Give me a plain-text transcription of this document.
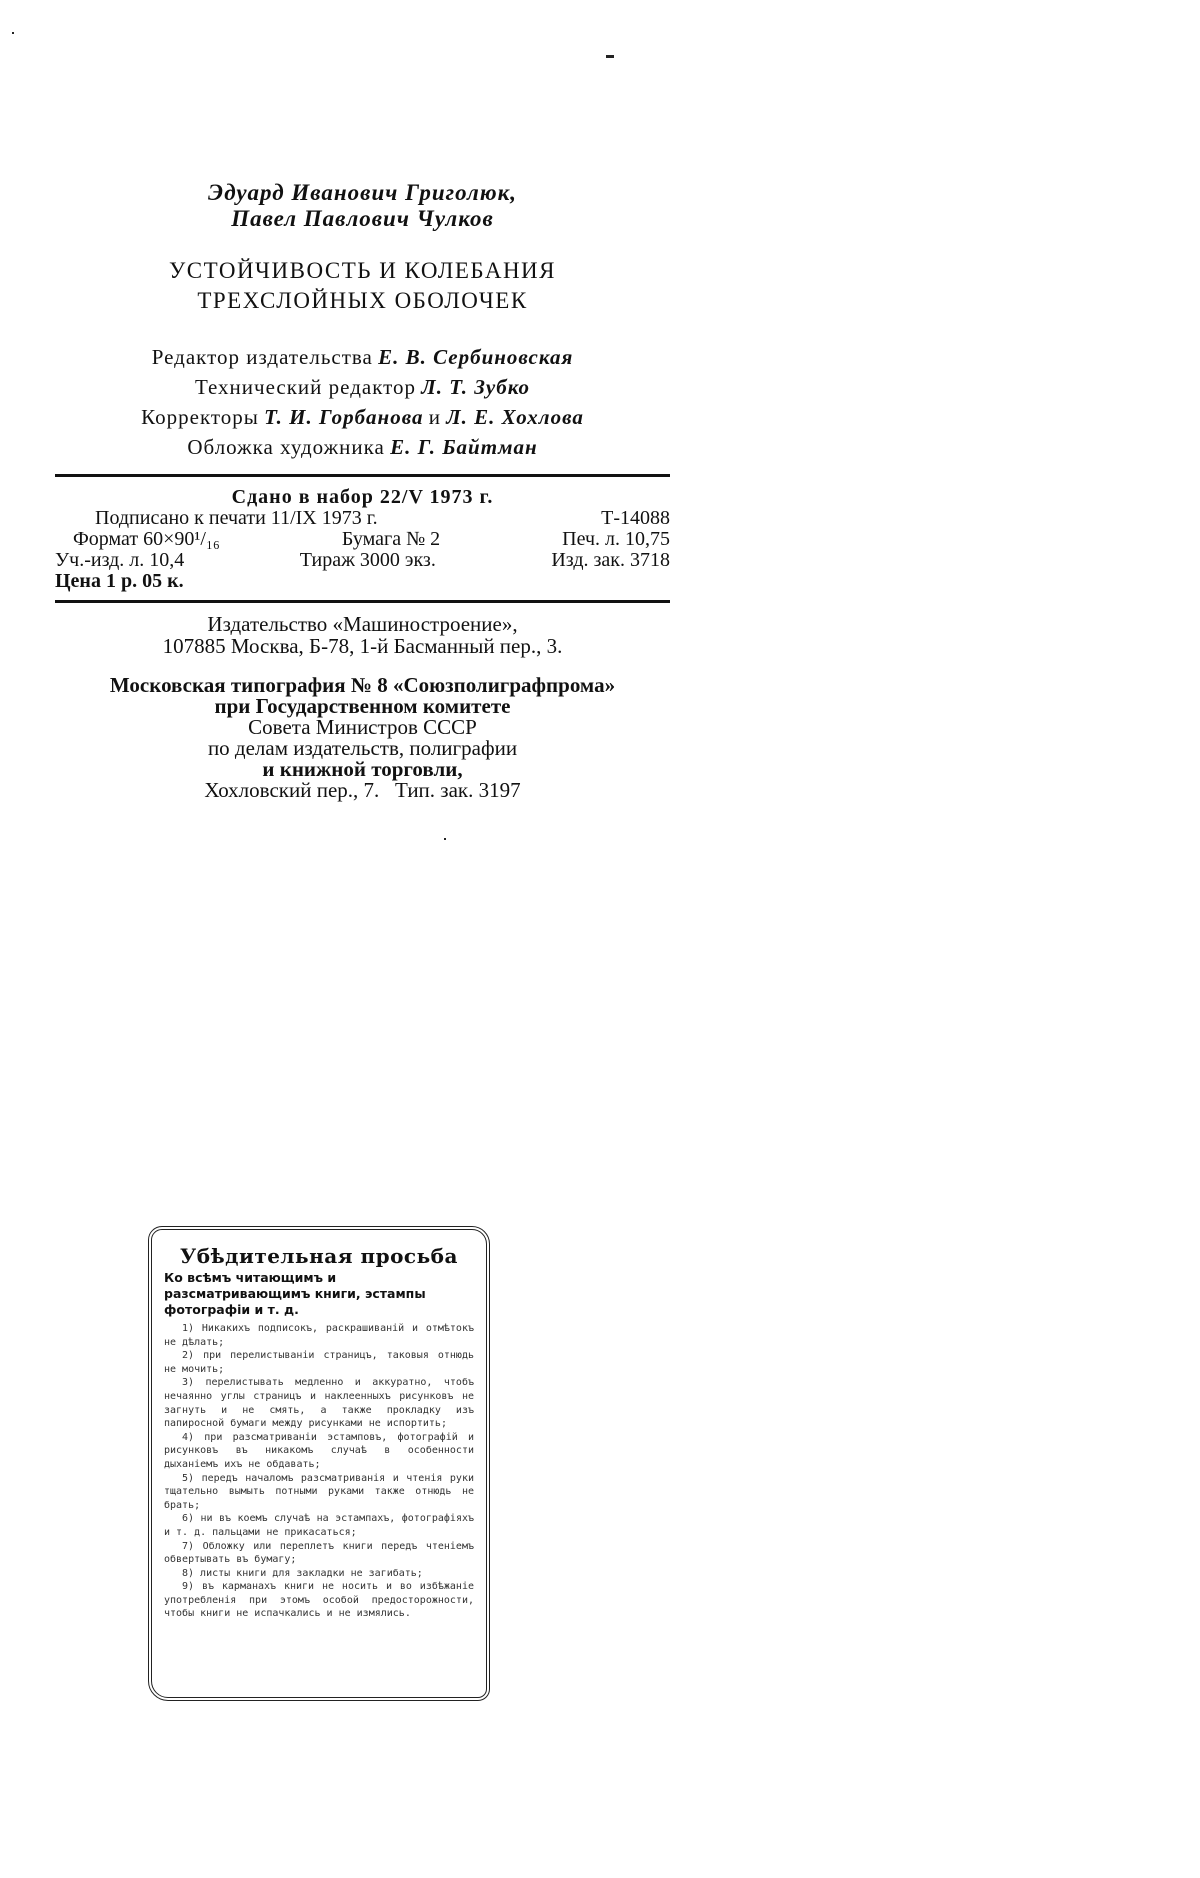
Эдуард Иванович Григолюк,
Павел Павлович Чулков
УСТОЙЧИВОСТЬ И КОЛЕБАНИЯ
ТРЕХСЛОЙНЫХ ОБОЛОЧЕК
Редактор издательства Е. В. Сербиновская
Технический редактор Л. Т. Зубко
Корректоры Т. И. Горбанова и Л. Е. Хохлова
Обложка художника Е. Г. Байтман
Сдано в набор 22/V 1973 г.
Подписано к печати 11/IX 1973 г.	Т-14088
Формат 60×90¹/₁₆	Бумага № 2	Печ. л. 10,75
Уч.-изд. л. 10,4	Тираж 3000 экз.	Изд. зак. 3718
Цена 1 р. 05 к.
Издательство «Машиностроение»,
107885 Москва, Б-78, 1-й Басманный пер., 3.
Московская типография № 8 «Союзполиграфпрома»
при Государственном комитете
Совета Министров СССР
по делам издательств, полиграфии
и книжной торговли,
Хохловский пер., 7.   Тип. зак. 3197
Убѣдительная просьба
Ко всѣмъ читающимъ и разсматривающимъ книги, эстампы фотографіи и т. д.
1) Никакихъ подписокъ, раскрашиваній и отмѣтокъ не дѣлать;
2) при перелистываніи страницъ, таковыя отнюдь не мочить;
3) перелистывать медленно и аккуратно, чтобъ нечаянно углы страницъ и наклеенныхъ рисунковъ не загнуть и не смять, а также прокладку изъ папиросной бумаги между рисунками не испортить;
4) при разсматриваніи эстамповъ, фотографій и рисунковъ въ никакомъ случаѣ в особенности дыханіемъ ихъ не обдавать;
5) передъ началомъ разсматриванія и чтенія руки тщательно вымыть потными руками также отнюдь не брать;
6) ни въ коемъ случаѣ на эстампахъ, фотографіяхъ и т. д. пальцами не прикасаться;
7) Обложку или переплетъ книги передъ чтеніемъ обвертывать въ бумагу;
8) листы книги для закладки не загибать;
9) въ карманахъ книги не носить и во избѣжаніе употребленія при этомъ особой предосторожности, чтобы книги не испачкались и не измялись.
